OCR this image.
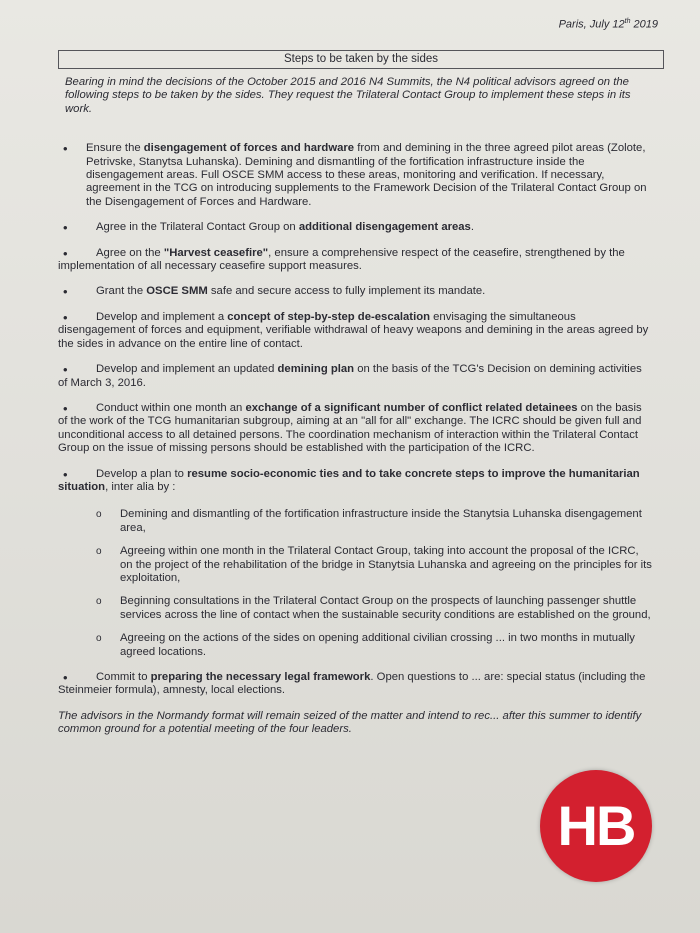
Paris, July 12th 2019
Steps to be taken by the sides

Bearing in mind the decisions of the October 2015 and 2016 N4 Summits, the N4 political advisors agreed on the following steps to be taken by the sides. They request the Trilateral Contact Group to implement these steps in its work.

• Ensure the disengagement of forces and hardware from and demining in the three agreed pilot areas (Zolote, Petrivske, Stanytsa Luhanska). Demining and dismantling of the fortification infrastructure inside the disengagement areas. Full OSCE SMM access to these areas, monitoring and verification. If necessary, agreement in the TCG on introducing supplements to the Framework Decision of the Trilateral Contact Group on the Disengagement of Forces and Hardware.
•	Agree in the Trilateral Contact Group on additional disengagement areas.
•	Agree on the "Harvest ceasefire", ensure a comprehensive respect of the ceasefire, strengthened by the implementation of all necessary ceasefire support measures.
•	Grant the OSCE SMM safe and secure access to fully implement its mandate.
•	Develop and implement a concept of step-by-step de-escalation envisaging the simultaneous disengagement of forces and equipment, verifiable withdrawal of heavy weapons and demining in the areas agreed by the sides in advance on the entire line of contact.
•	Develop and implement an updated demining plan on the basis of the TCG's Decision on demining activities of March 3, 2016.
•	Conduct within one month an exchange of a significant number of conflict related detainees on the basis of the work of the TCG humanitarian subgroup, aiming at an "all for all" exchange. The ICRC should be given full and unconditional access to all detained persons. The coordination mechanism of interaction within the Trilateral Contact Group on the issue of missing persons should be established with the participation of the ICRC.
•	Develop a plan to resume socio-economic ties and to take concrete steps to improve the humanitarian situation, inter alia by :
o Demining and dismantling of the fortification infrastructure inside the Stanytsia Luhanska disengagement area,
o Agreeing within one month in the Trilateral Contact Group, taking into account the proposal of the ICRC, on the project of the rehabilitation of the bridge in Stanytsia Luhanska and agreeing on the principles for its exploitation,
o Beginning consultations in the Trilateral Contact Group on the prospects of launching passenger shuttle services across the line of contact when the sustainable security conditions are established on the ground,
o Agreeing on the actions of the sides on opening additional civilian crossing ... in two months in mutually agreed locations.
•	Commit to preparing the necessary legal framework. Open questions to ... are: special status (including the Steinmeier formula), amnesty, local elections.

The advisors in the Normandy format will remain seized of the matter and intend to rec... after this summer to identify common ground for a potential meeting of the four leaders.

НВ
